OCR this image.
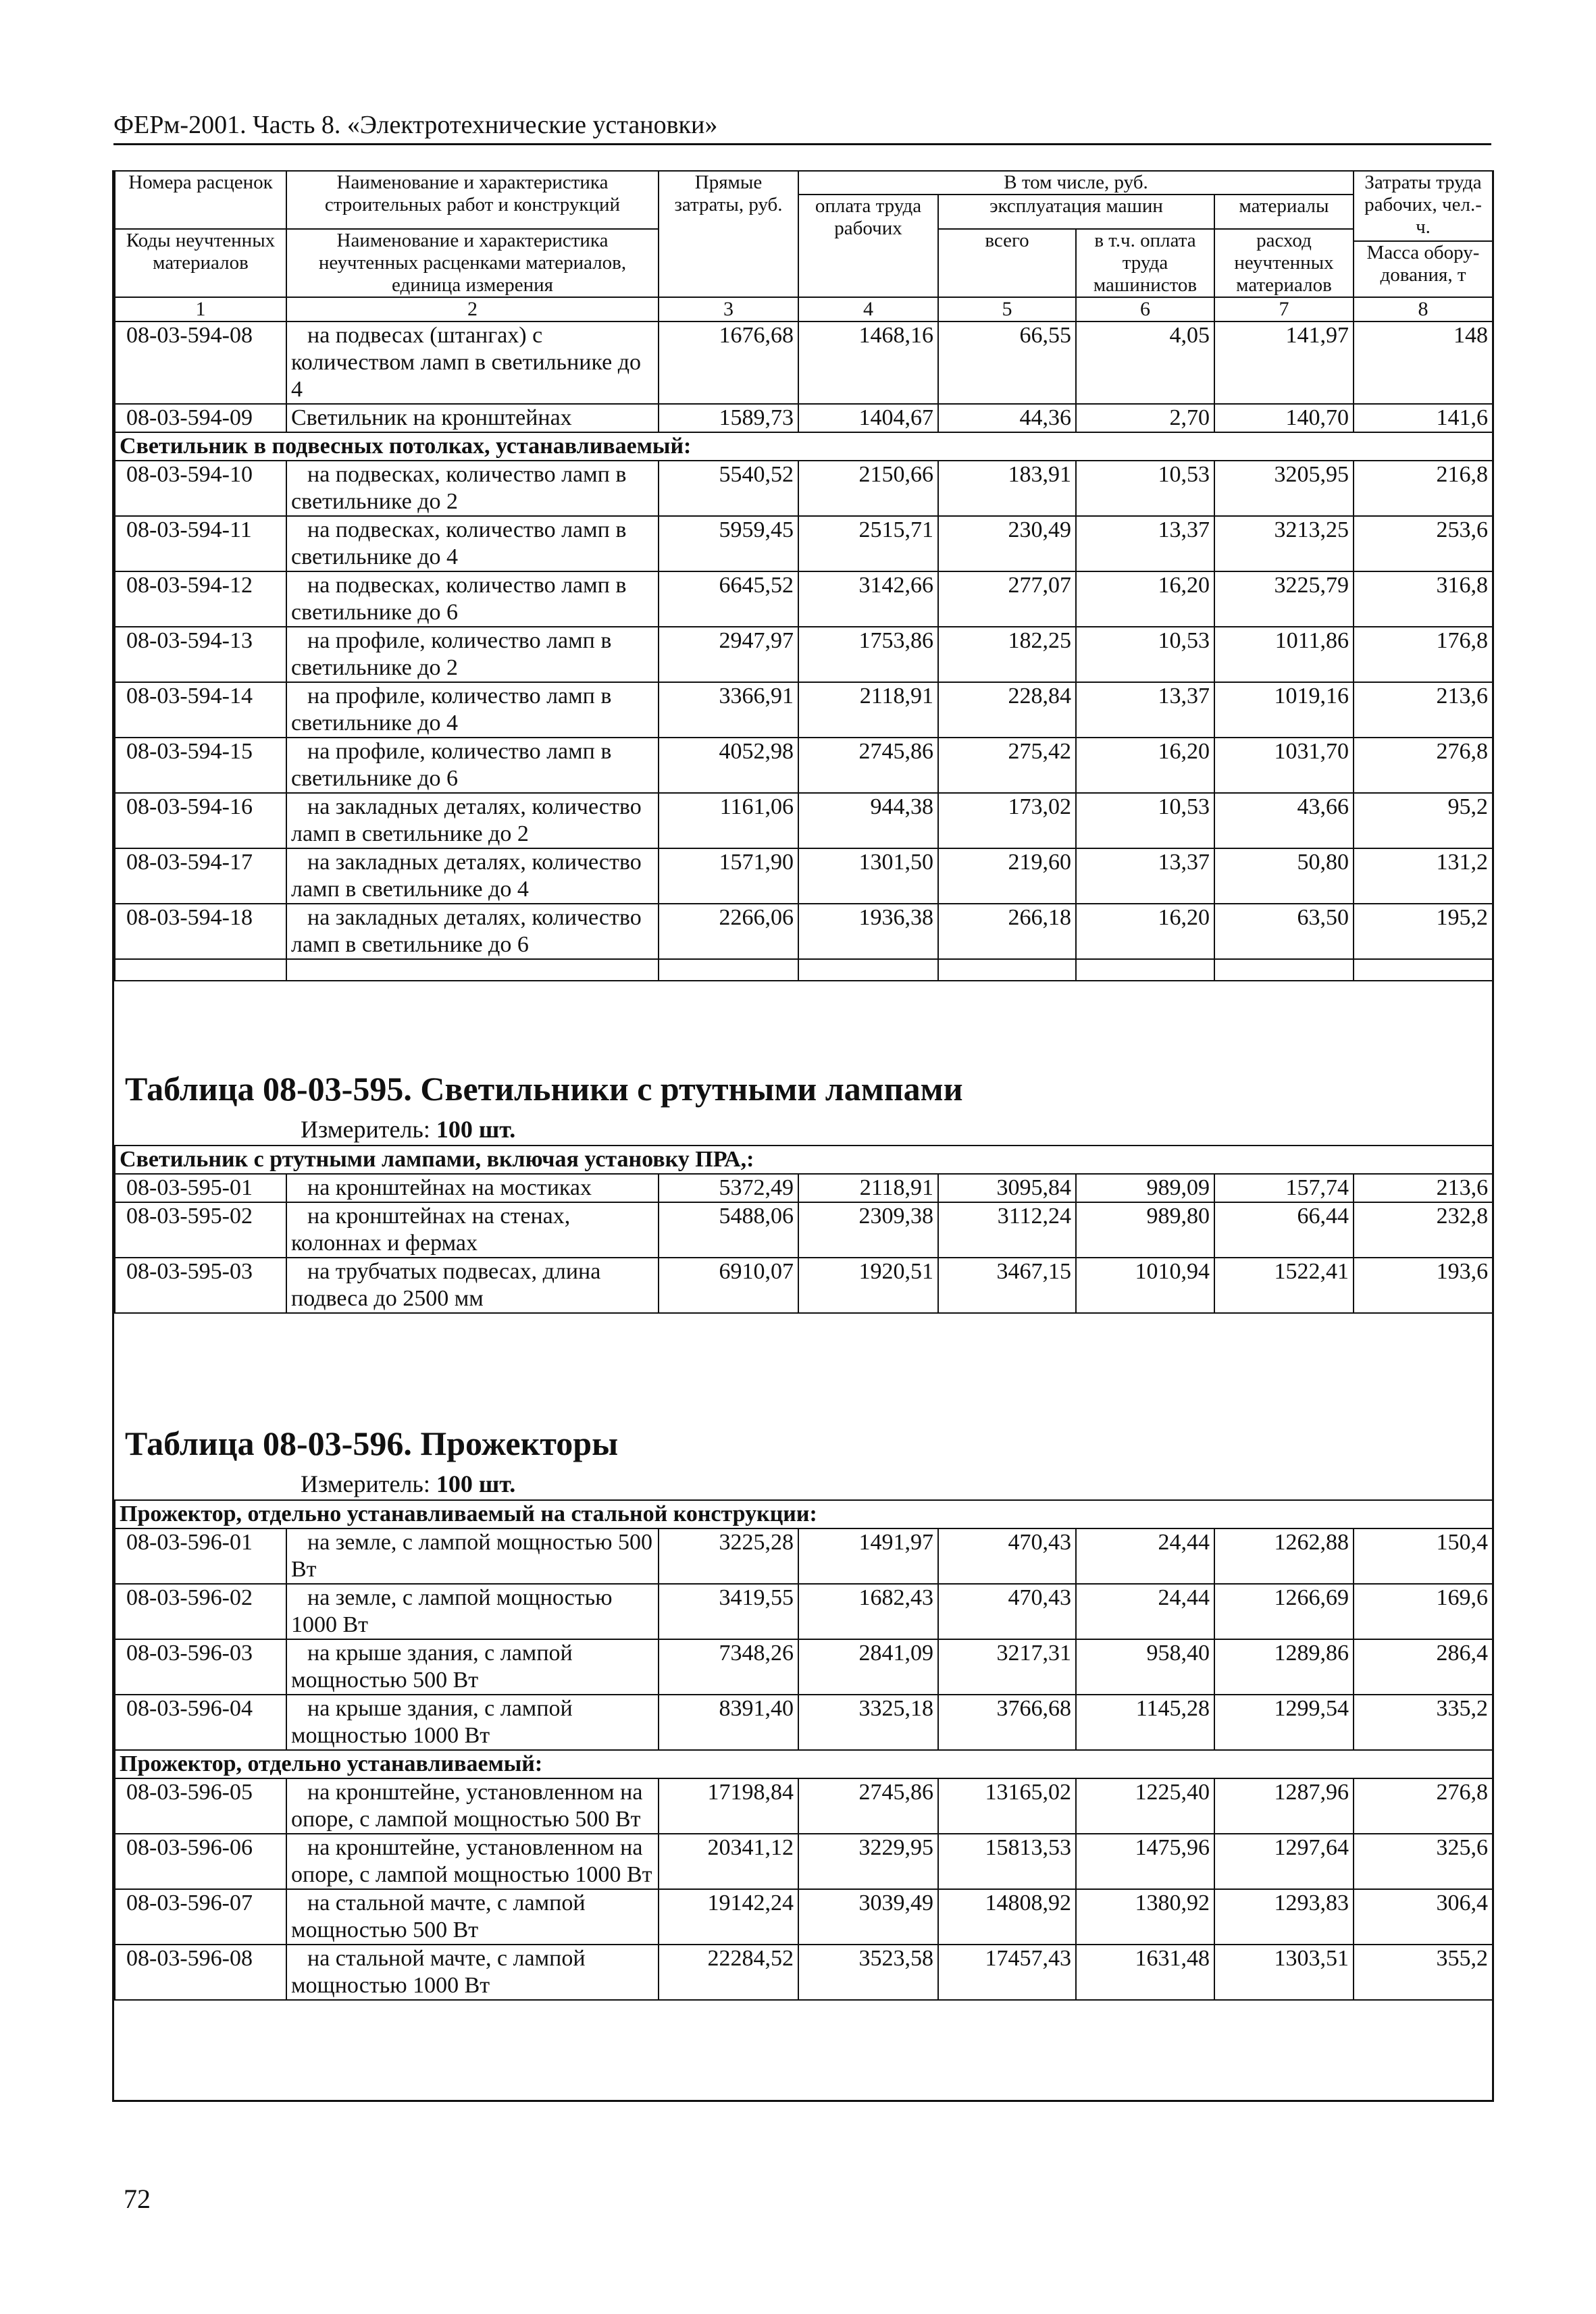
ФЕРм-2001. Часть 8. «Электротехнические установки»
Номера расценок	Наименование и характеристика строительных работ и конструкций	Прямые затраты, руб.	В том числе, руб.				Затраты труда рабочих, чел.-ч.
			оплата труда рабочих	эксплуатация машин		материалы	
Коды неучтенных материалов	Наименование и характеристика неучтенных расценками материалов, единица измерения			всего	в т.ч. оплата труда машинистов	расход неучтенных материалов	
							Масса обору-дования, т
1	2	3	4	5	6	7	8
08-03-594-08	на подвесах (штангах) с количеством ламп в светильнике до 4	1676,68	1468,16	66,55	4,05	141,97	148
08-03-594-09	Светильник на кронштейнах	1589,73	1404,67	44,36	2,70	140,70	141,6
Светильник в подвесных потолках, устанавливаемый:							
08-03-594-10	на подвесках, количество ламп в светильнике до 2	5540,52	2150,66	183,91	10,53	3205,95	216,8
08-03-594-11	на подвесках, количество ламп в светильнике до 4	5959,45	2515,71	230,49	13,37	3213,25	253,6
08-03-594-12	на подвесках, количество ламп в светильнике до 6	6645,52	3142,66	277,07	16,20	3225,79	316,8
08-03-594-13	на профиле, количество ламп в светильнике до 2	2947,97	1753,86	182,25	10,53	1011,86	176,8
08-03-594-14	на профиле, количество ламп в светильнике до 4	3366,91	2118,91	228,84	13,37	1019,16	213,6
08-03-594-15	на профиле, количество ламп в светильнике до 6	4052,98	2745,86	275,42	16,20	1031,70	276,8
08-03-594-16	на закладных деталях, количество ламп в светильнике до 2	1161,06	944,38	173,02	10,53	43,66	95,2
08-03-594-17	на закладных деталях, количество ламп в светильнике до 4	1571,90	1301,50	219,60	13,37	50,80	131,2
08-03-594-18	на закладных деталях, количество ламп в светильнике до 6	2266,06	1936,38	266,18	16,20	63,50	195,2

Таблица 08-03-595. Светильники с ртутными лампами
Измеритель: 100 шт.
Светильник с ртутными лампами, включая установку ПРА,:							
08-03-595-01	на кронштейнах на мостиках	5372,49	2118,91	3095,84	989,09	157,74	213,6
08-03-595-02	на кронштейнах на стенах, колоннах и фермах	5488,06	2309,38	3112,24	989,80	66,44	232,8
08-03-595-03	на трубчатых подвесах, длина подвеса до 2500 мм	6910,07	1920,51	3467,15	1010,94	1522,41	193,6
Таблица 08-03-596. Прожекторы
Измеритель: 100 шт.
Прожектор, отдельно устанавливаемый на стальной конструкции:							
08-03-596-01	на земле, с лампой мощностью 500 Вт	3225,28	1491,97	470,43	24,44	1262,88	150,4
08-03-596-02	на земле, с лампой мощностью 1000 Вт	3419,55	1682,43	470,43	24,44	1266,69	169,6
08-03-596-03	на крыше здания, с лампой мощностью 500 Вт	7348,26	2841,09	3217,31	958,40	1289,86	286,4
08-03-596-04	на крыше здания, с лампой мощностью 1000 Вт	8391,40	3325,18	3766,68	1145,28	1299,54	335,2
Прожектор, отдельно устанавливаемый:							
08-03-596-05	на кронштейне, установленном на опоре, с лампой мощностью 500 Вт	17198,84	2745,86	13165,02	1225,40	1287,96	276,8
08-03-596-06	на кронштейне, установленном на опоре, с лампой мощностью 1000 Вт	20341,12	3229,95	15813,53	1475,96	1297,64	325,6
08-03-596-07	на стальной мачте, с лампой мощностью 500 Вт	19142,24	3039,49	14808,92	1380,92	1293,83	306,4
08-03-596-08	на стальной мачте, с лампой мощностью 1000 Вт	22284,52	3523,58	17457,43	1631,48	1303,51	355,2
72
